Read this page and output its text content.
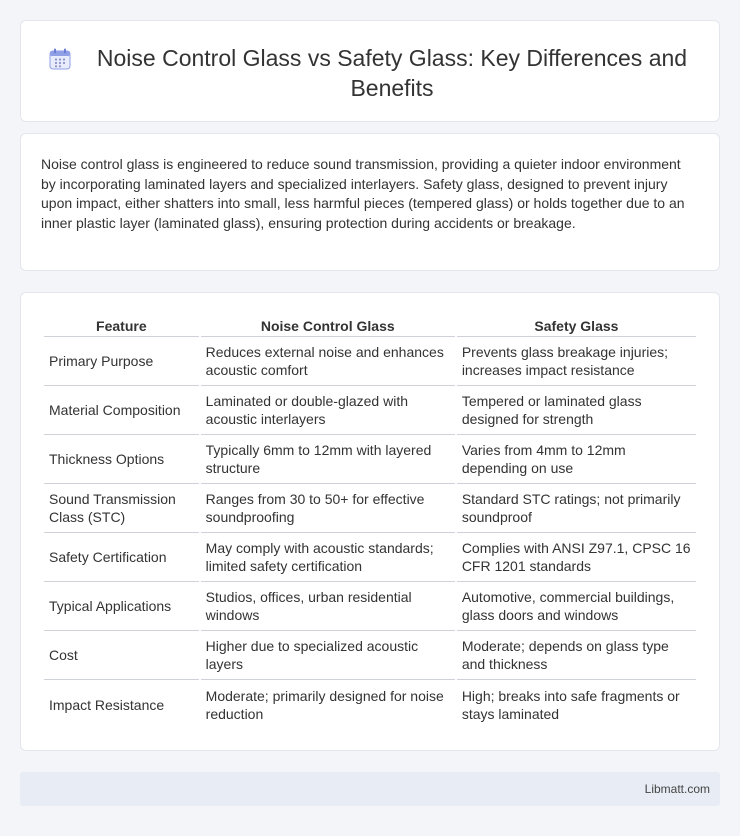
Noise Control Glass vs Safety Glass: Key Differences and Benefits

Noise control glass is engineered to reduce sound transmission, providing a quieter indoor environment by incorporating laminated layers and specialized interlayers. Safety glass, designed to prevent injury upon impact, either shatters into small, less harmful pieces (tempered glass) or holds together due to an inner plastic layer (laminated glass), ensuring protection during accidents or breakage.

Feature	Noise Control Glass	Safety Glass
Primary Purpose	Reduces external noise and enhances acoustic comfort	Prevents glass breakage injuries; increases impact resistance
Material Composition	Laminated or double-glazed with acoustic interlayers	Tempered or laminated glass designed for strength
Thickness Options	Typically 6mm to 12mm with layered structure	Varies from 4mm to 12mm depending on use
Sound Transmission Class (STC)	Ranges from 30 to 50+ for effective soundproofing	Standard STC ratings; not primarily soundproof
Safety Certification	May comply with acoustic standards; limited safety certification	Complies with ANSI Z97.1, CPSC 16 CFR 1201 standards
Typical Applications	Studios, offices, urban residential windows	Automotive, commercial buildings, glass doors and windows
Cost	Higher due to specialized acoustic layers	Moderate; depends on glass type and thickness
Impact Resistance	Moderate; primarily designed for noise reduction	High; breaks into safe fragments or stays laminated
Libmatt.com
